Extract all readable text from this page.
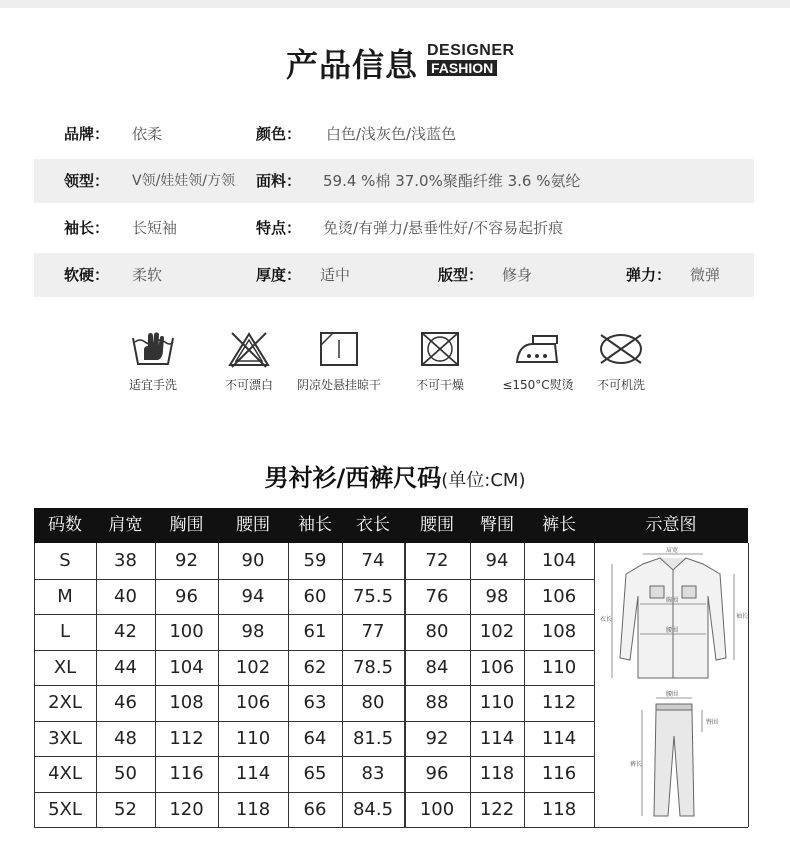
产品信息 DESIGNER
FASHION
品牌： 依柔	颜色： 白色/浅灰色/浅蓝色
领型： V领/娃娃领/方领 面料： 59.4 %棉 37.0%聚酯纤维 3.6 %氨纶
袖长： 长短袖	特点： 免烫/有弹力/悬垂性好/不容易起折痕
软硬： 柔软	厚度： 适中	版型： 修身	弹力： 微弹
适宜手洗	不可漂白	阴凉处悬挂晾干	不可干燥	≤150°C熨烫	不可机洗
男衬衫/西裤尺码(单位:CM)
码数	肩宽	胸围	腰围	袖长	衣长	腰围	臀围	裤长	示意图
S	38	92	90	59	74	72	94	104
M	40	96	94	60	75.5	76	98	106
L	42	100	98	61	77	80	102	108
XL	44	104	102	62	78.5	84	106	110
2XL	46	108	106	63	80	88	110	112
3XL	48	112	110	64	81.5	92	114	114
4XL	50	116	114	65	83	96	118	116
5XL	52	120	118	66	84.5	100	122	118
肩宽
胸围
腰围
衣长	袖长
腰围
臀围
裤长
